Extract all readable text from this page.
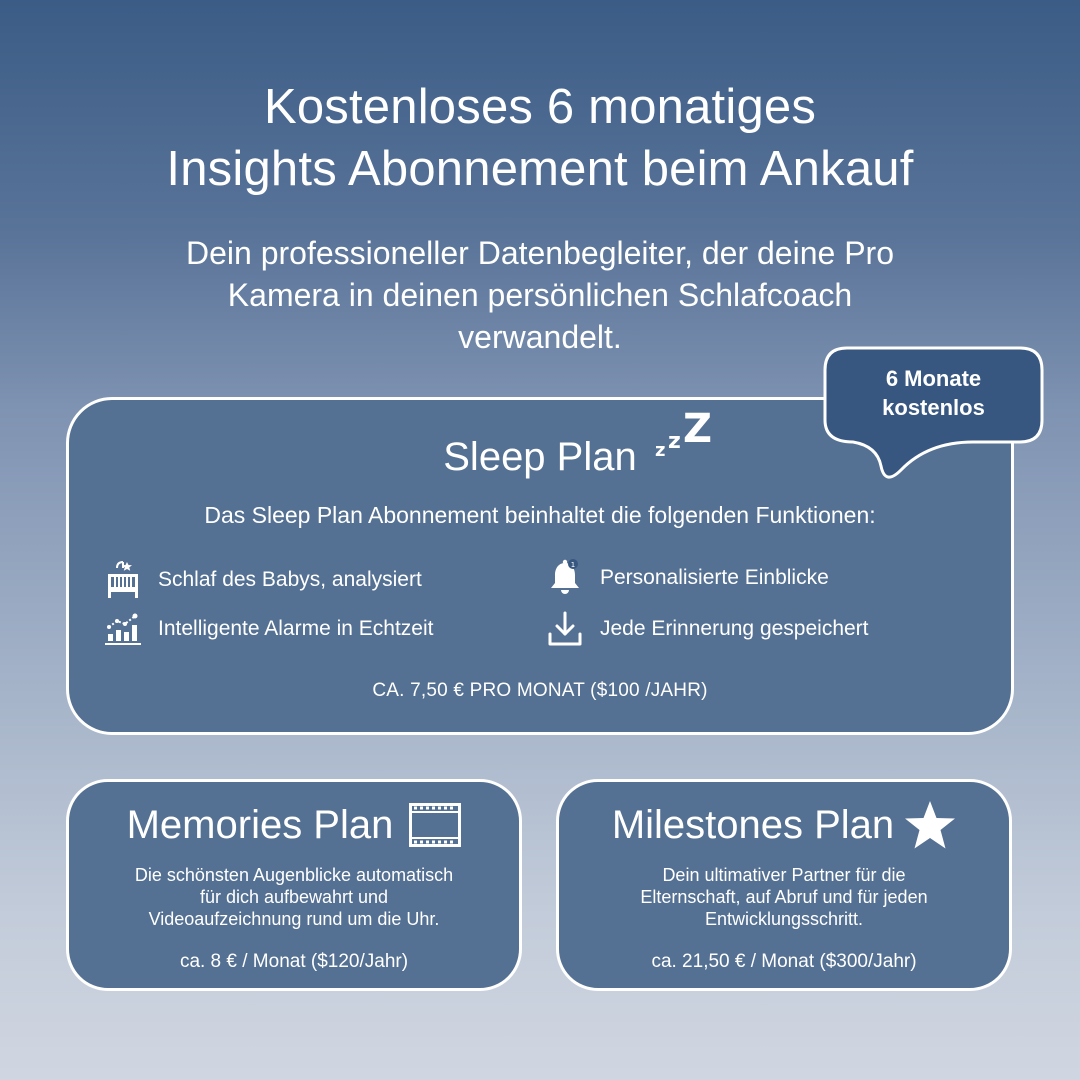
Kostenloses 6 monatiges
Insights Abonnement beim Ankauf
Dein professioneller Datenbegleiter, der deine Pro
Kamera in deinen persönlichen Schlafcoach
verwandelt.
Sleep Plan	z z Z
Das Sleep Plan Abonnement beinhaltet die folgenden Funktionen:
Schlaf des Babys, analysiert
Intelligente Alarme in Echtzeit
1
Personalisierte Einblicke
Jede Erinnerung gespeichert
CA. 7,50 € PRO MONAT ($100 /JAHR)
6 Monate
kostenlos
Memories Plan
Die schönsten Augenblicke automatisch
für dich aufbewahrt und
Videoaufzeichnung rund um die Uhr.
ca. 8 € / Monat ($120/Jahr)
Milestones Plan
Dein ultimativer Partner für die
Elternschaft, auf Abruf und für jeden
Entwicklungsschritt.
ca. 21,50 € / Monat ($300/Jahr)
